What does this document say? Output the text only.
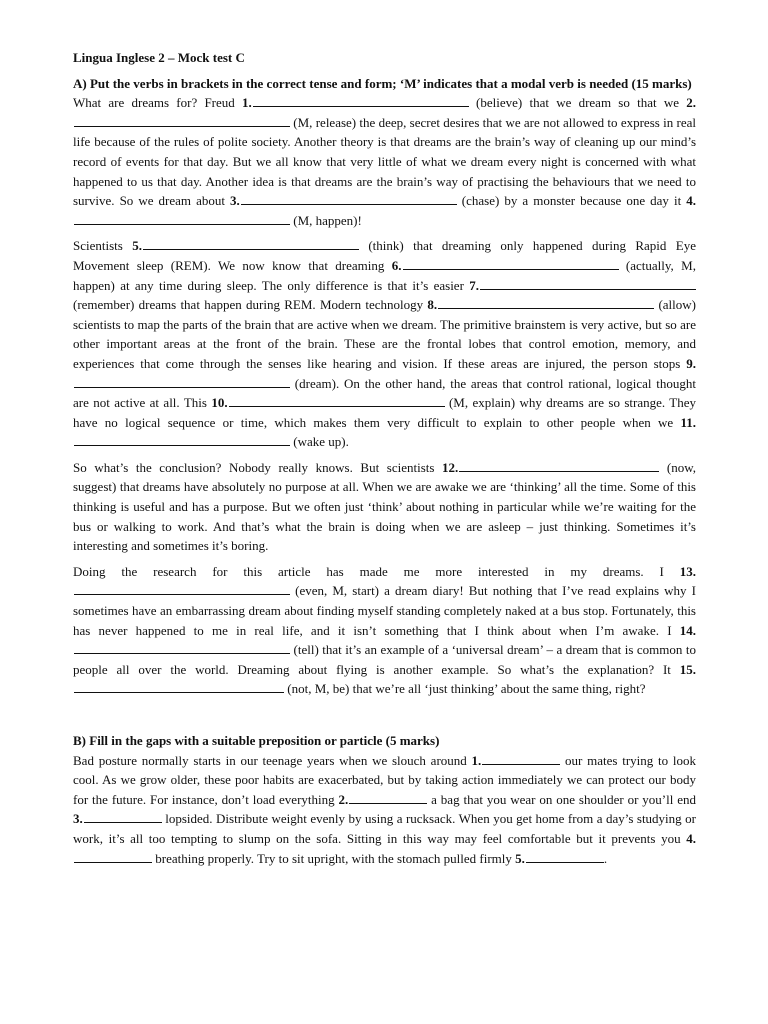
Lingua Inglese 2 – Mock test C

A) Put the verbs in brackets in the correct tense and form; ‘M’ indicates that a modal verb is needed (15 marks)

What are dreams for? Freud 1.	(believe) that we dream so that we 2. (M, release) the deep, secret desires that we are not allowed to express in real life because of the rules of polite society. Another theory is that dreams are the brain’s way of cleaning up our mind’s record of events for that day. But we all know that very little of what we dream every night is concerned with what happened to us that day. Another idea is that dreams are the brain’s way of practising the behaviours that we need to survive. So we dream about 3.	(chase) by a monster because one day it 4. (M, happen)!

Scientists 5.	(think) that dreaming only happened during Rapid Eye Movement sleep (REM). We now know that dreaming 6.	(actually, M, happen) at any time during sleep. The only difference is that it’s easier 7. (remember) dreams that happen during REM. Modern technology 8.	(allow) scientists to map the parts of the brain that are active when we dream. The primitive brainstem is very active, but so are other important areas at the front of the brain. These are the frontal lobes that control emotion, memory, and experiences that come through the senses like hearing and vision. If these areas are injured, the person stops 9. (dream). On the other hand, the areas that control rational, logical thought are not active at all. This 10.	(M, explain) why dreams are so strange. They have no logical sequence or time, which makes them very difficult to explain to other people when we 11. (wake up).

So what’s the conclusion? Nobody really knows. But scientists 12.	(now, suggest) that dreams have absolutely no purpose at all. When we are awake we are ‘thinking’ all the time. Some of this thinking is useful and has a purpose. But we often just ‘think’ about nothing in particular while we’re waiting for the bus or walking to work. And that’s what the brain is doing when we are asleep – just thinking. Sometimes it’s interesting and sometimes it’s boring.

Doing the research for this article has made me more interested in my dreams. I 13. (even, M, start) a dream diary! But nothing that I’ve read explains why I sometimes have an embarrassing dream about finding myself standing completely naked at a bus stop. Fortunately, this has never happened to me in real life, and it isn’t something that I think about when I’m awake. I 14. (tell) that it’s an example of a ‘universal dream’ – a dream that is common to people all over the world. Dreaming about flying is another example. So what’s the explanation? It 15. (not, M, be) that we’re all ‘just thinking’ about the same thing, right?

B) Fill in the gaps with a suitable preposition or particle (5 marks)

Bad posture normally starts in our teenage years when we slouch around 1.	our mates trying to look cool. As we grow older, these poor habits are exacerbated, but by taking action immediately we can protect our body for the future. For instance, don’t load everything 2.	a bag that you wear on one shoulder or you’ll end 3.	lopsided. Distribute weight evenly by using a rucksack. When you get home from a day’s studying or work, it’s all too tempting to slump on the sofa. Sitting in this way may feel comfortable but it prevents you 4. breathing properly. Try to sit upright, with the stomach pulled firmly 5.	.
